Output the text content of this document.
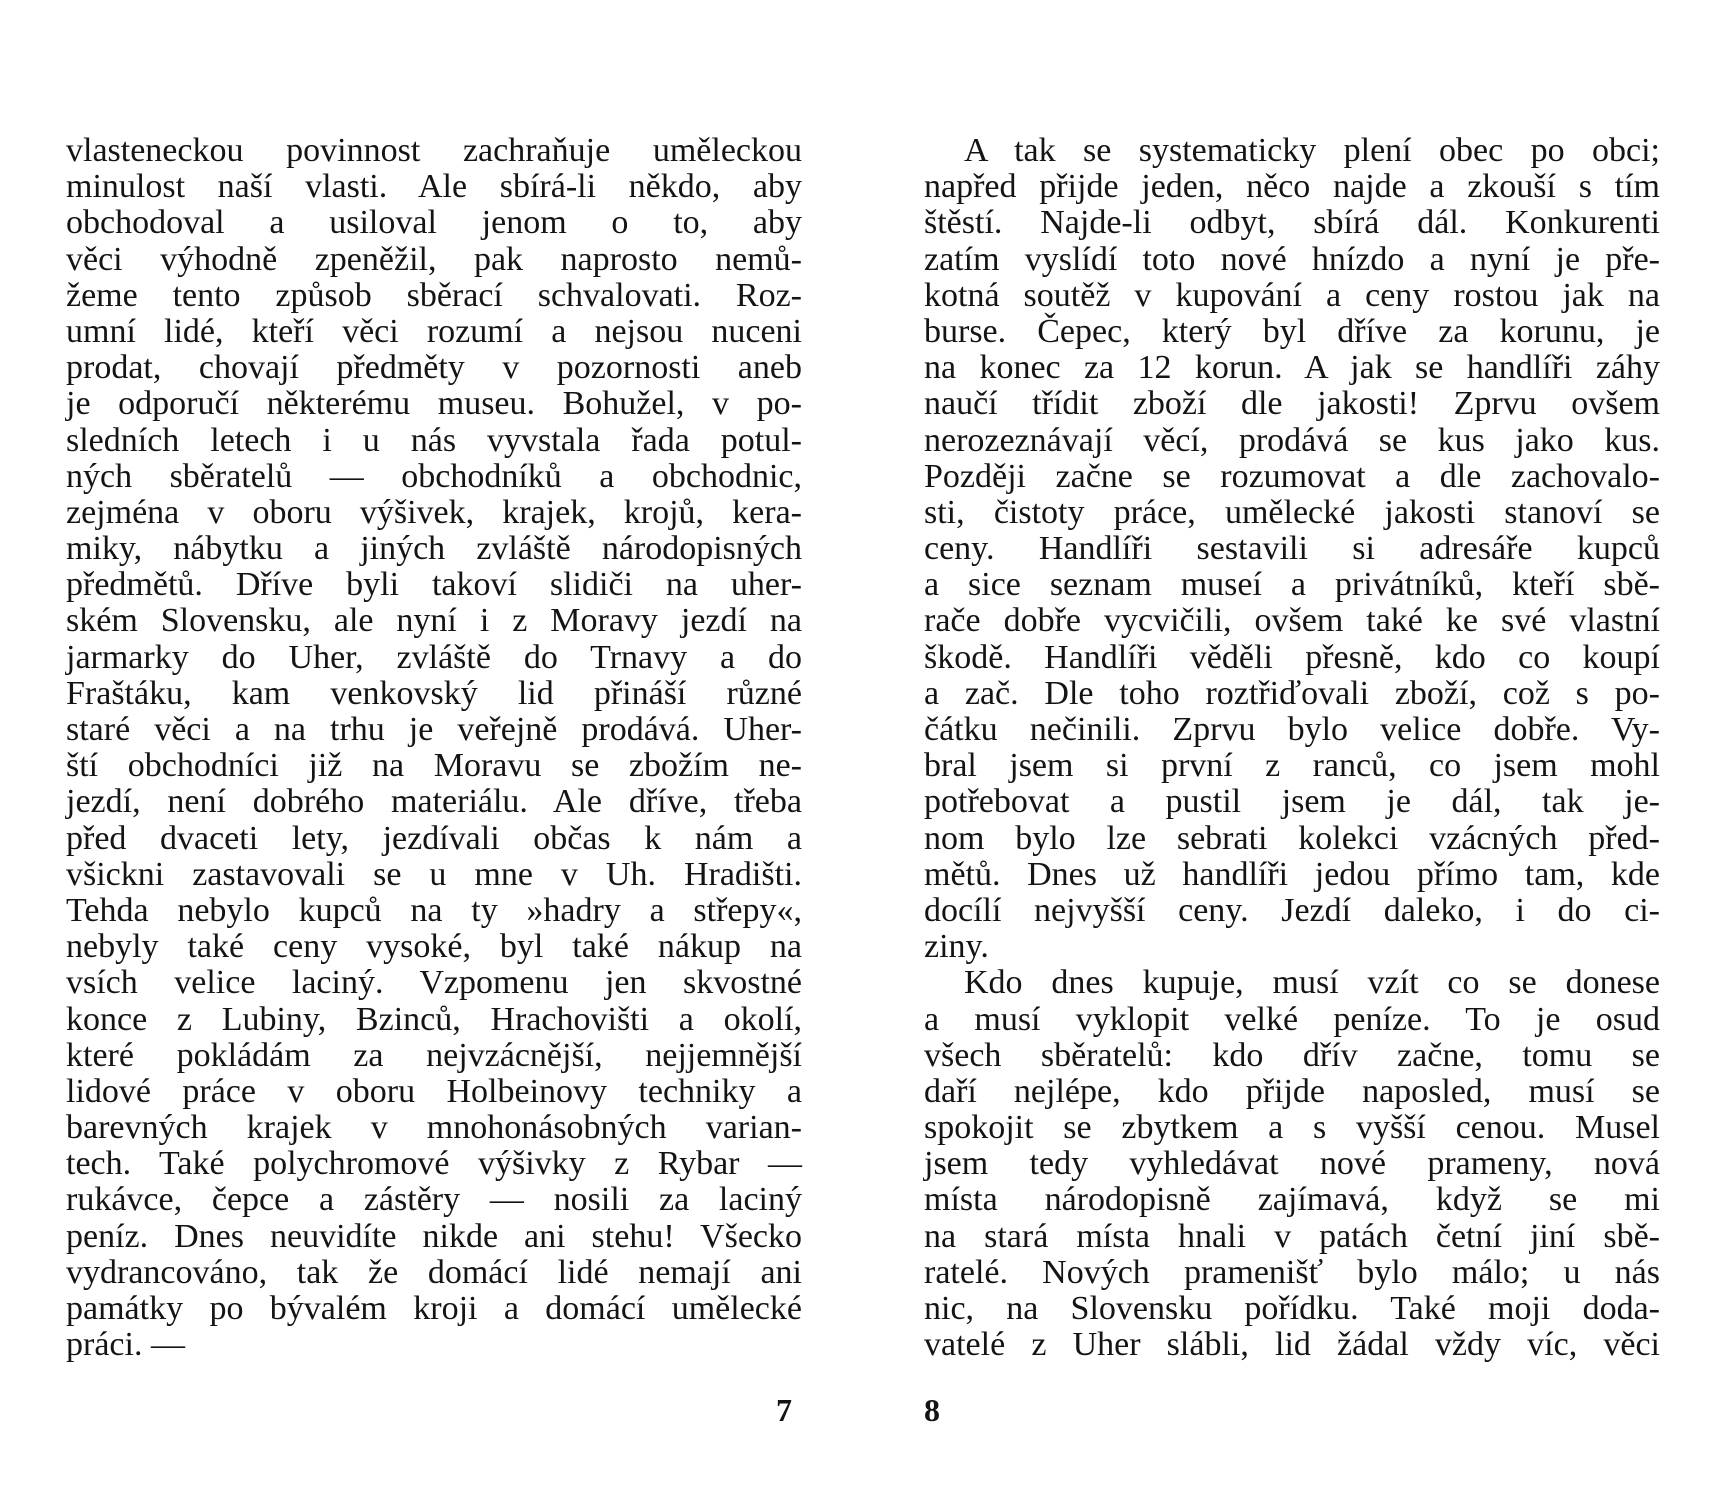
vlasteneckou povinnost zachraňuje uměleckou
minulost naší vlasti. Ale sbírá-li někdo, aby
obchodoval a usiloval jenom o to, aby
věci výhodně zpeněžil, pak naprosto nemů-
žeme tento způsob sběrací schvalovati. Roz-
umní lidé, kteří věci rozumí a nejsou nuceni
prodat, chovají předměty v pozornosti aneb
je odporučí některému museu. Bohužel, v po-
sledních letech i u nás vyvstala řada potul-
ných sběratelů — obchodníků a obchodnic,
zejména v oboru výšivek, krajek, krojů, kera-
miky, nábytku a jiných zvláště národopisných
předmětů. Dříve byli takoví slidiči na uher-
ském Slovensku, ale nyní i z Moravy jezdí na
jarmarky do Uher, zvláště do Trnavy a do
Fraštáku, kam venkovský lid přináší různé
staré věci a na trhu je veřejně prodává. Uher-
ští obchodníci již na Moravu se zbožím ne-
jezdí, není dobrého materiálu. Ale dříve, třeba
před dvaceti lety, jezdívali občas k nám a
všickni zastavovali se u mne v Uh. Hradišti.
Tehda nebylo kupců na ty »hadry a střepy«,
nebyly také ceny vysoké, byl také nákup na
vsích velice laciný. Vzpomenu jen skvostné
konce z Lubiny, Bzinců, Hrachovišti a okolí,
které pokládám za nejvzácnější, nejjemnější
lidové práce v oboru Holbeinovy techniky a
barevných krajek v mnohonásobných varian-
tech. Také polychromové výšivky z Rybar —
rukávce, čepce a zástěry — nosili za laciný
peníz. Dnes neuvidíte nikde ani stehu! Všecko
vydrancováno, tak že domácí lidé nemají ani
památky po bývalém kroji a domácí umělecké
práci. —
7
A tak se systematicky plení obec po obci;
napřed přijde jeden, něco najde a zkouší s tím
štěstí. Najde-li odbyt, sbírá dál. Konkurenti
zatím vyslídí toto nové hnízdo a nyní je pře-
kotná soutěž v kupování a ceny rostou jak na
burse. Čepec, který byl dříve za korunu, je
na konec za 12 korun. A jak se handlíři záhy
naučí třídit zboží dle jakosti! Zprvu ovšem
nerozeznávají věcí, prodává se kus jako kus.
Později začne se rozumovat a dle zachovalo-
sti, čistoty práce, umělecké jakosti stanoví se
ceny. Handlíři sestavili si adresáře kupců
a sice seznam museí a privátníků, kteří sbě-
rače dobře vycvičili, ovšem také ke své vlastní
škodě. Handlíři věděli přesně, kdo co koupí
a zač. Dle toho roztřiďovali zboží, což s po-
čátku nečinili. Zprvu bylo velice dobře. Vy-
bral jsem si první z ranců, co jsem mohl
potřebovat a pustil jsem je dál, tak je-
nom bylo lze sebrati kolekci vzácných před-
mětů. Dnes už handlíři jedou přímo tam, kde
docílí nejvyšší ceny. Jezdí daleko, i do ci-
ziny.
Kdo dnes kupuje, musí vzít co se donese
a musí vyklopit velké peníze. To je osud
všech sběratelů: kdo dřív začne, tomu se
daří nejlépe, kdo přijde naposled, musí se
spokojit se zbytkem a s vyšší cenou. Musel
jsem tedy vyhledávat nové prameny, nová
místa národopisně zajímavá, když se mi
na stará místa hnali v patách četní jiní sbě-
ratelé. Nových pramenišť bylo málo; u nás
nic, na Slovensku pořídku. Také moji doda-
vatelé z Uher slábli, lid žádal vždy víc, věci
8
